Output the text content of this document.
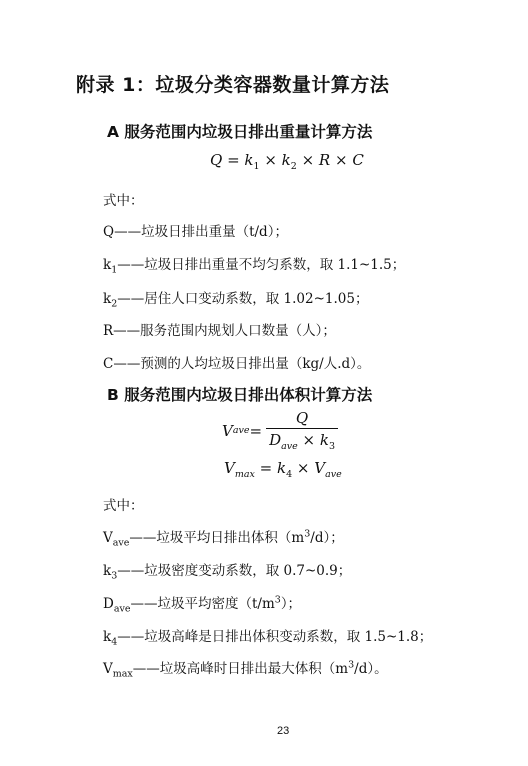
附录 1：垃圾分类容器数量计算方法
A 服务范围内垃圾日排出重量计算方法
$Q = k_1 \times k_2 \times R \times C$
式中：
Q——垃圾日排出重量（t/d）；
$k_1——$垃圾日排出重量不均匀系数，取 1.1~1.5；
$k_2——$居住人口变动系数，取 1.02~1.05；
R——服务范围内规划人口数量（人）；
C——预测的人均垃圾日排出量（kg/人.d）。
B 服务范围内垃圾日排出体积计算方法
V ave = $\frac{Q}{D_{ave} \times k_3}$
$V_{max} = k_4 \times V_{ave}$
式中：
$V_{ave}——$垃圾平均日排出体积$(m^3/d)$；
$k_3——$垃圾密度变动系数，取 0.7~0.9；
$D_{ave}——$垃圾平均密度$(t/m^3)$；
$k_4——$垃圾高峰是日排出体积变动系数，取 1.5~1.8；
$V_{max}——$垃圾高峰时日排出最大体积$(m^3/d)$。
23
